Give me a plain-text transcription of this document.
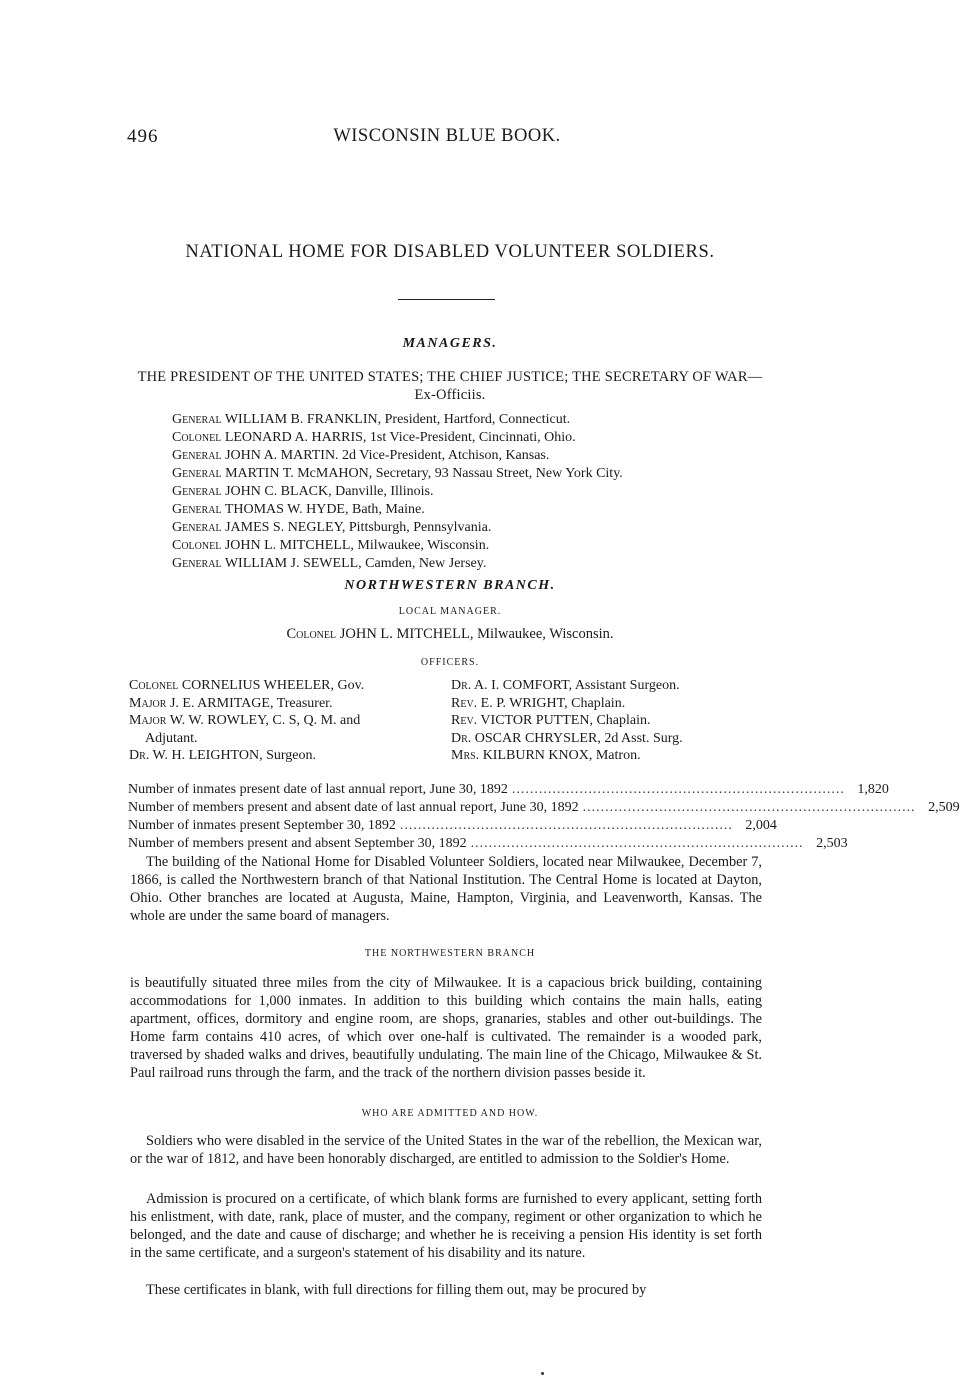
496	WISCONSIN BLUE BOOK.
NATIONAL HOME FOR DISABLED VOLUNTEER SOLDIERS.
MANAGERS.
THE PRESIDENT OF THE UNITED STATES; THE CHIEF JUSTICE; THE SECRETARY OF WAR—Ex-Officiis.
General WILLIAM B. FRANKLIN, President, Hartford, Connecticut.
Colonel LEONARD A. HARRIS, 1st Vice-President, Cincinnati, Ohio.
General JOHN A. MARTIN. 2d Vice-President, Atchison, Kansas.
General MARTIN T. McMAHON, Secretary, 93 Nassau Street, New York City.
General JOHN C. BLACK, Danville, Illinois.
General THOMAS W. HYDE, Bath, Maine.
General JAMES S. NEGLEY, Pittsburgh, Pennsylvania.
Colonel JOHN L. MITCHELL, Milwaukee, Wisconsin.
General WILLIAM J. SEWELL, Camden, New Jersey.
NORTHWESTERN BRANCH.
LOCAL MANAGER.
Colonel JOHN L. MITCHELL, Milwaukee, Wisconsin.
OFFICERS.
Colonel CORNELIUS WHEELER, Gov.
Major J. E. ARMITAGE, Treasurer.
Major W. W. ROWLEY, C. S, Q. M. and
Adjutant.
Dr. W. H. LEIGHTON, Surgeon.
Dr. A. I. COMFORT, Assistant Surgeon.
Rev. E. P. WRIGHT, Chaplain.
Rev. VICTOR PUTTEN, Chaplain.
Dr. OSCAR CHRYSLER, 2d Asst. Surg.
Mrs. KILBURN KNOX, Matron.
Number of inmates present date of last annual report, June 30, 1892 .......................................................................... 1,820
Number of members present and absent date of last annual report, June 30, 1892 .......................................................................... 2,509
Number of inmates present September 30, 1892 .......................................................................... 2,004
Number of members present and absent September 30, 1892 .......................................................................... 2,503
The building of the National Home for Disabled Volunteer Soldiers, located near Milwaukee, December 7, 1866, is called the Northwestern branch of that National Institution. The Central Home is located at Dayton, Ohio. Other branches are located at Augusta, Maine, Hampton, Virginia, and Leavenworth, Kansas. The whole are under the same board of managers.
THE NORTHWESTERN BRANCH
is beautifully situated three miles from the city of Milwaukee. It is a capacious brick building, containing accommodations for 1,000 inmates. In addition to this building which contains the main halls, eating apartment, offices, dormitory and engine room, are shops, granaries, stables and other out-buildings. The Home farm contains 410 acres, of which over one-half is cultivated. The remainder is a wooded park, traversed by shaded walks and drives, beautifully undulating. The main line of the Chicago, Milwaukee & St. Paul railroad runs through the farm, and the track of the northern division passes beside it.
WHO ARE ADMITTED AND HOW.
Soldiers who were disabled in the service of the United States in the war of the rebellion, the Mexican war, or the war of 1812, and have been honorably discharged, are entitled to admission to the Soldier's Home.
Admission is procured on a certificate, of which blank forms are furnished to every applicant, setting forth his enlistment, with date, rank, place of muster, and the company, regiment or other organization to which he belonged, and the date and cause of discharge; and whether he is receiving a pension His identity is set forth in the same certificate, and a surgeon's statement of his disability and its nature.
These certificates in blank, with full directions for filling them out, may be procured by
